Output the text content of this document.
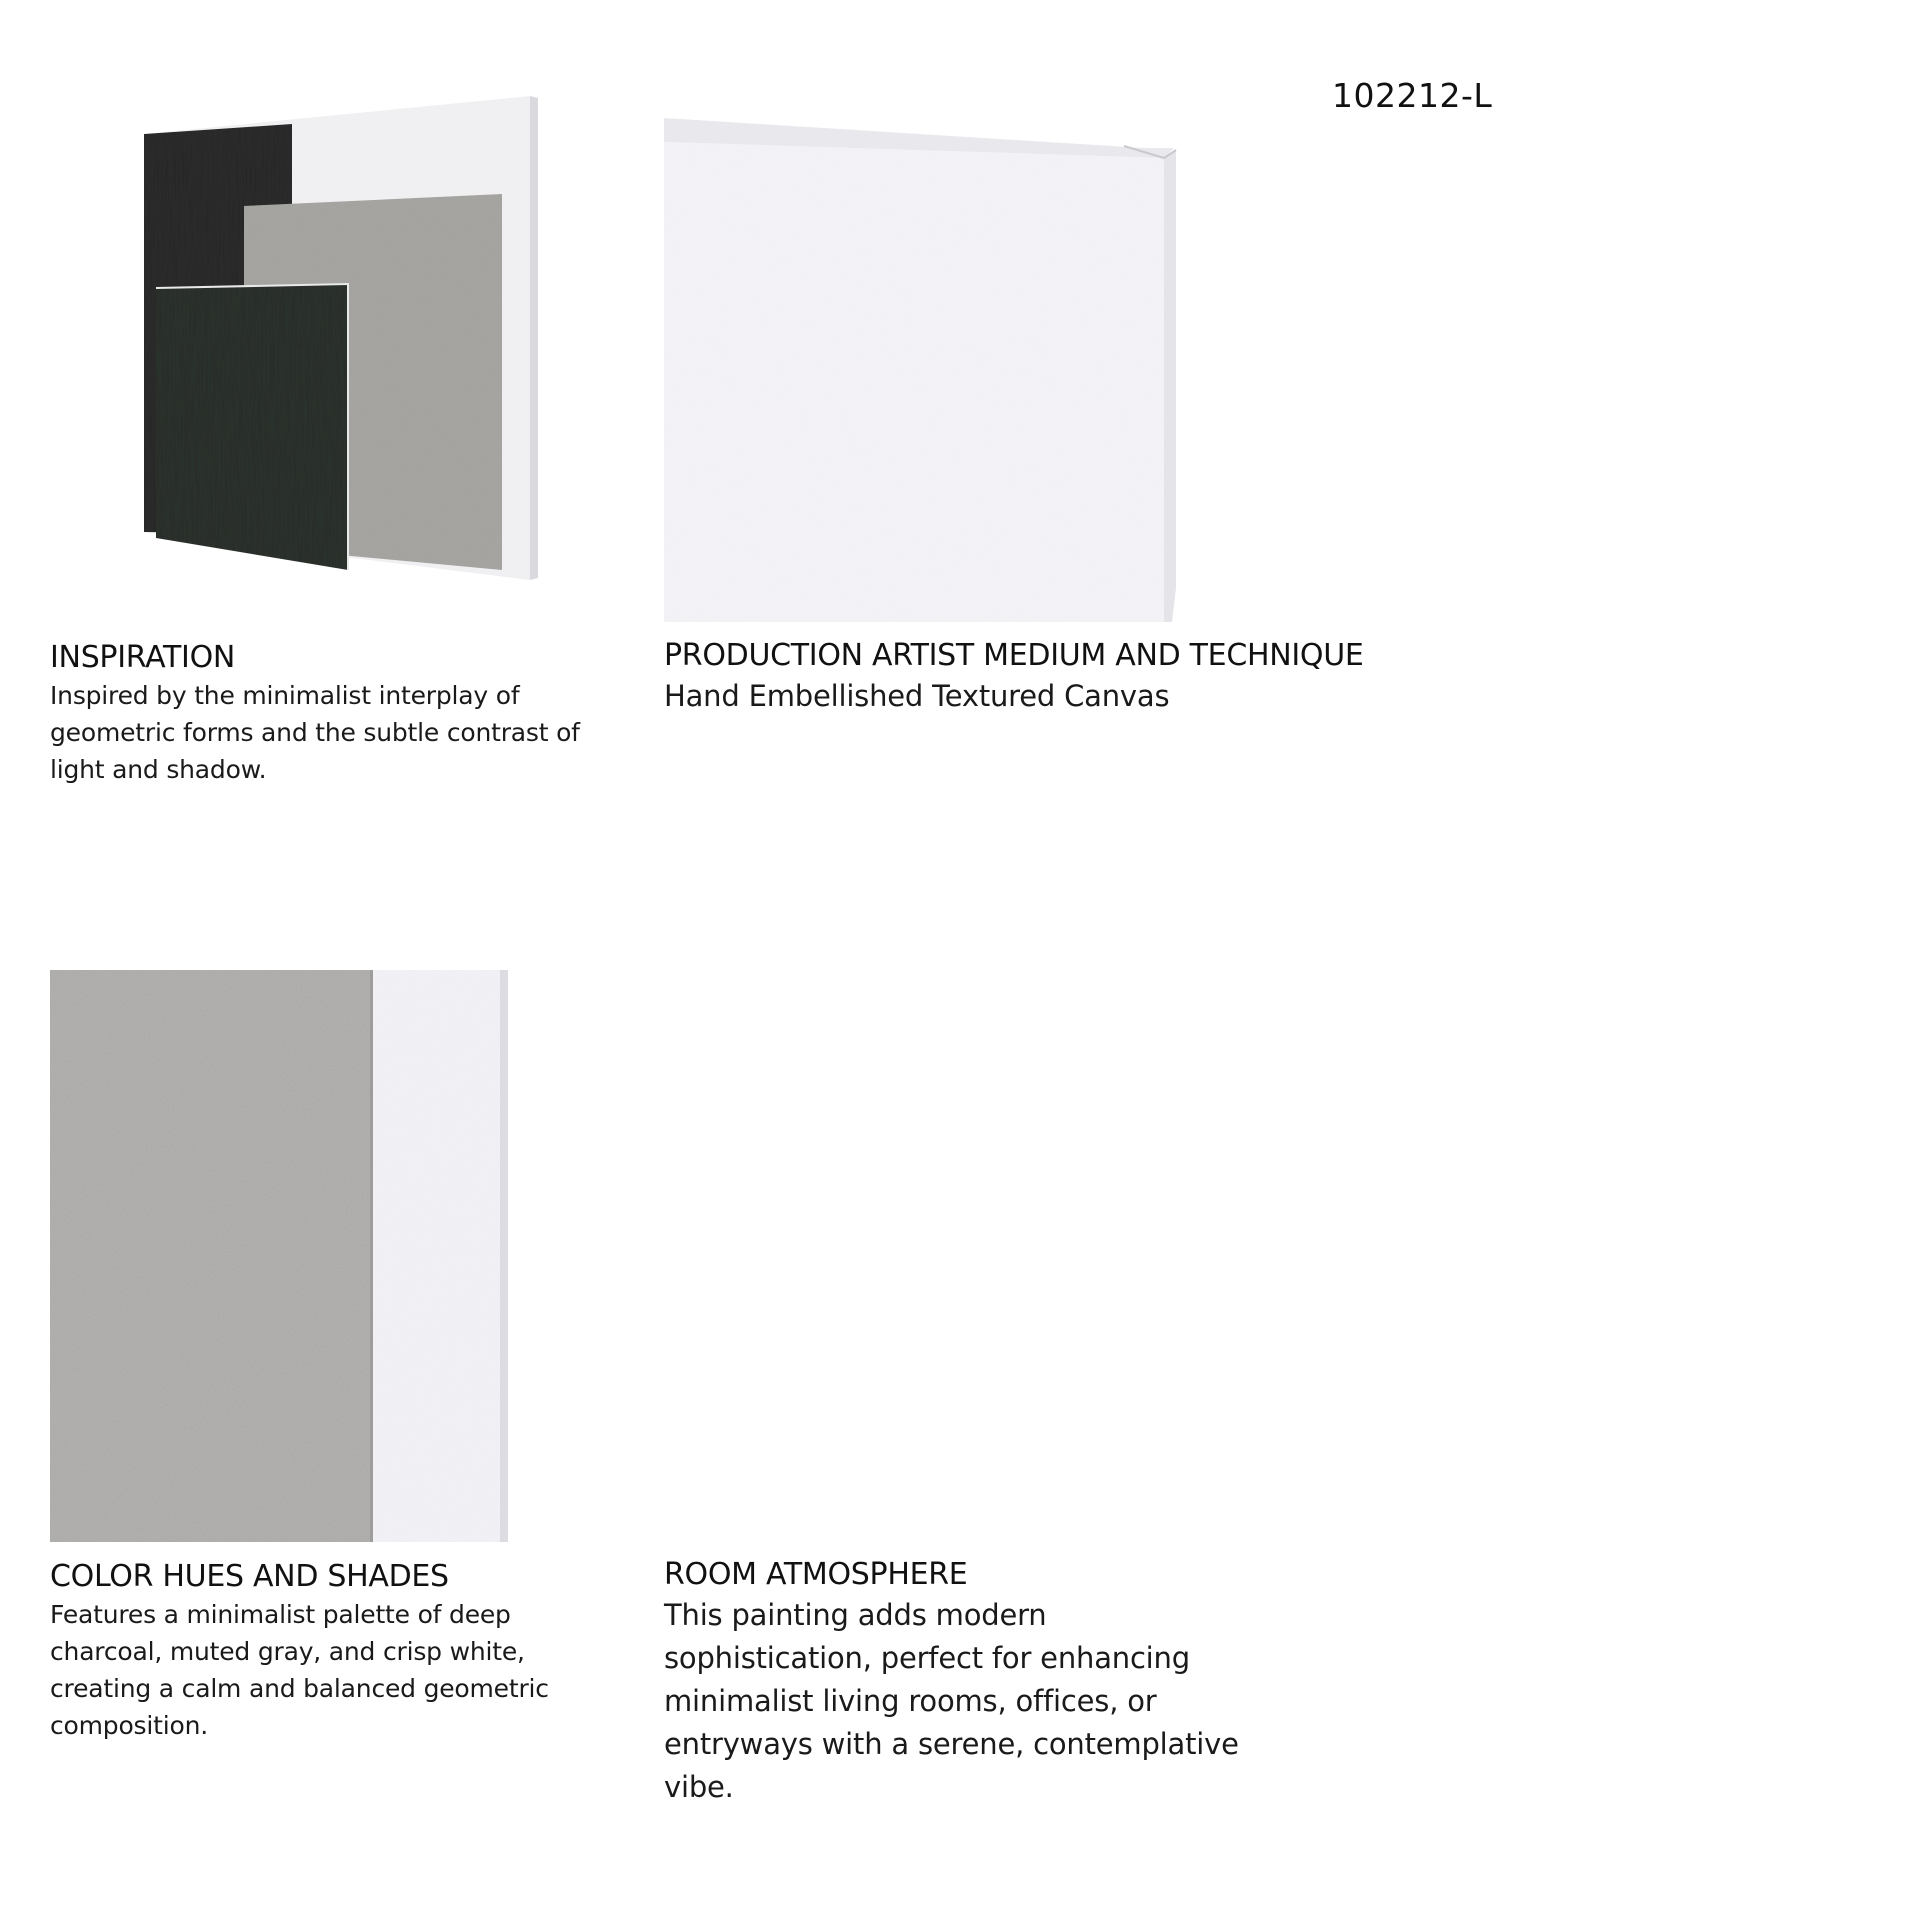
102212-L
INSPIRATION
Inspired by the minimalist interplay of
geometric forms and the subtle contrast of
light and shadow.
PRODUCTION ARTIST MEDIUM AND TECHNIQUE
Hand Embellished Textured Canvas
COLOR HUES AND SHADES
Features a minimalist palette of deep
charcoal, muted gray, and crisp white,
creating a calm and balanced geometric
composition.
ROOM ATMOSPHERE
This painting adds modern
sophistication, perfect for enhancing
minimalist living rooms, offices, or
entryways with a serene, contemplative
vibe.
